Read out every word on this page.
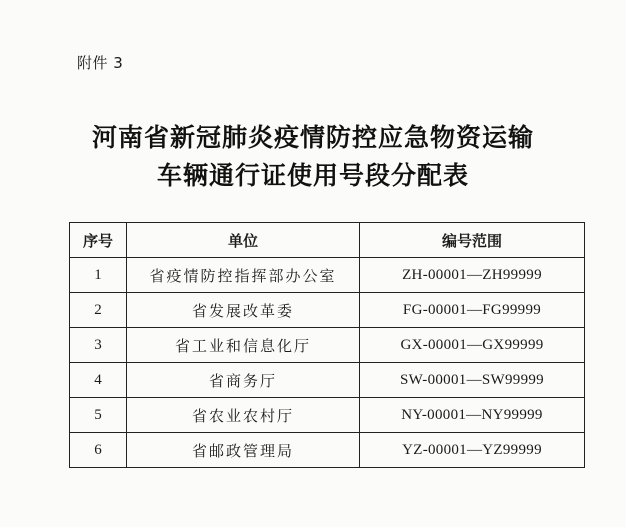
附件 3
河南省新冠肺炎疫情防控应急物资运输
车辆通行证使用号段分配表
序号	单位	编号范围
1	省疫情防控指挥部办公室	ZH-00001—ZH99999
2	省发展改革委	FG-00001—FG99999
3	省工业和信息化厅	GX-00001—GX99999
4	省商务厅	SW-00001—SW99999
5	省农业农村厅	NY-00001—NY99999
6	省邮政管理局	YZ-00001—YZ99999
